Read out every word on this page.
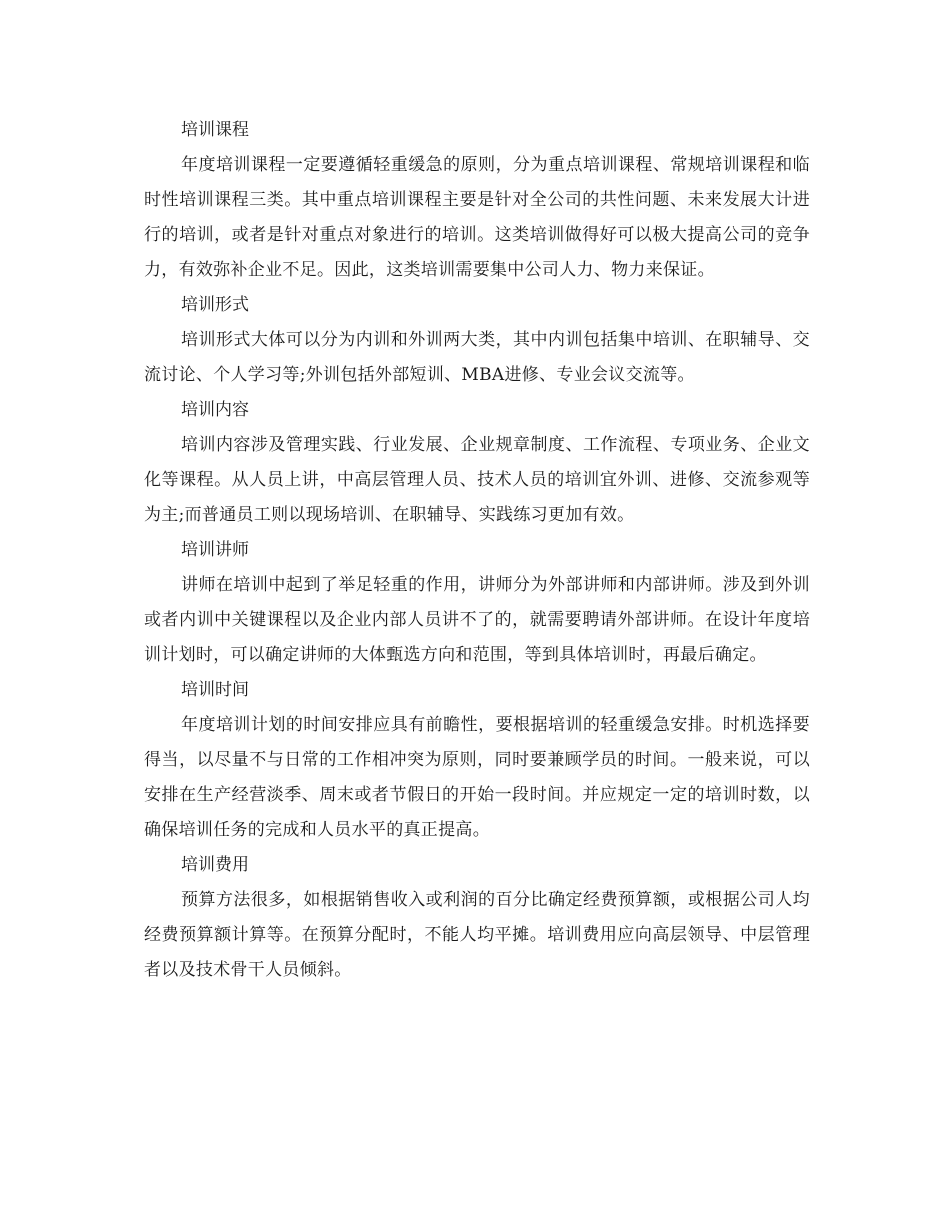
培训课程

年度培训课程一定要遵循轻重缓急的原则，分为重点培训课程、常规培训课程和临时性培训课程三类。其中重点培训课程主要是针对全公司的共性问题、未来发展大计进行的培训，或者是针对重点对象进行的培训。这类培训做得好可以极大提高公司的竞争力，有效弥补企业不足。因此，这类培训需要集中公司人力、物力来保证。

培训形式

培训形式大体可以分为内训和外训两大类，其中内训包括集中培训、在职辅导、交流讨论、个人学习等;外训包括外部短训、MBA进修、专业会议交流等。

培训内容

培训内容涉及管理实践、行业发展、企业规章制度、工作流程、专项业务、企业文化等课程。从人员上讲，中高层管理人员、技术人员的培训宜外训、进修、交流参观等为主;而普通员工则以现场培训、在职辅导、实践练习更加有效。

培训讲师

讲师在培训中起到了举足轻重的作用，讲师分为外部讲师和内部讲师。涉及到外训或者内训中关键课程以及企业内部人员讲不了的，就需要聘请外部讲师。在设计年度培训计划时，可以确定讲师的大体甄选方向和范围，等到具体培训时，再最后确定。

培训时间

年度培训计划的时间安排应具有前瞻性，要根据培训的轻重缓急安排。时机选择要得当，以尽量不与日常的工作相冲突为原则，同时要兼顾学员的时间。一般来说，可以安排在生产经营淡季、周末或者节假日的开始一段时间。并应规定一定的培训时数，以确保培训任务的完成和人员水平的真正提高。

培训费用

预算方法很多，如根据销售收入或利润的百分比确定经费预算额，或根据公司人均经费预算额计算等。在预算分配时，不能人均平摊。培训费用应向高层领导、中层管理者以及技术骨干人员倾斜。
